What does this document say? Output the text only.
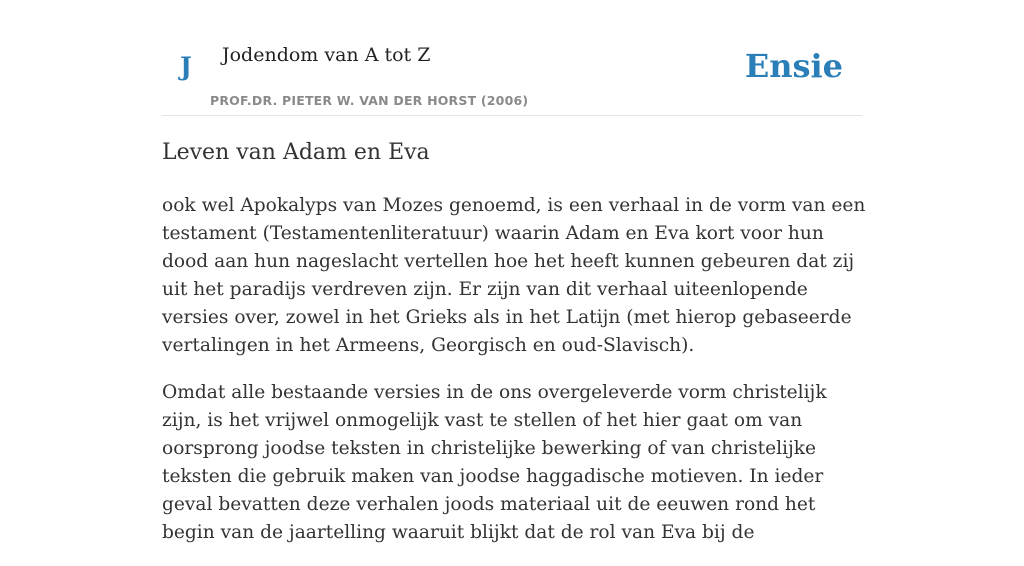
J Jodendom van A tot Z
PROF.DR. PIETER W. VAN DER HORST (2006)
Ensie
Leven van Adam en Eva

ook wel Apokalyps van Mozes genoemd, is een verhaal in de vorm van een testament (Testamentenliteratuur) waarin Adam en Eva kort voor hun dood aan hun nageslacht vertellen hoe het heeft kunnen gebeuren dat zij uit het paradijs verdreven zijn. Er zijn van dit verhaal uiteenlopende versies over, zowel in het Grieks als in het Latijn (met hierop gebaseerde vertalingen in het Armeens, Georgisch en oud-Slavisch).

Omdat alle bestaande versies in de ons overgeleverde vorm christelijk zijn, is het vrijwel onmogelijk vast te stellen of het hier gaat om van oorsprong joodse teksten in christelijke bewerking of van christelijke teksten die gebruik maken van joodse haggadische motieven. In ieder geval bevatten deze verhalen joods materiaal uit de eeuwen rond het begin van de jaartelling waaruit blijkt dat de rol van Eva bij de
